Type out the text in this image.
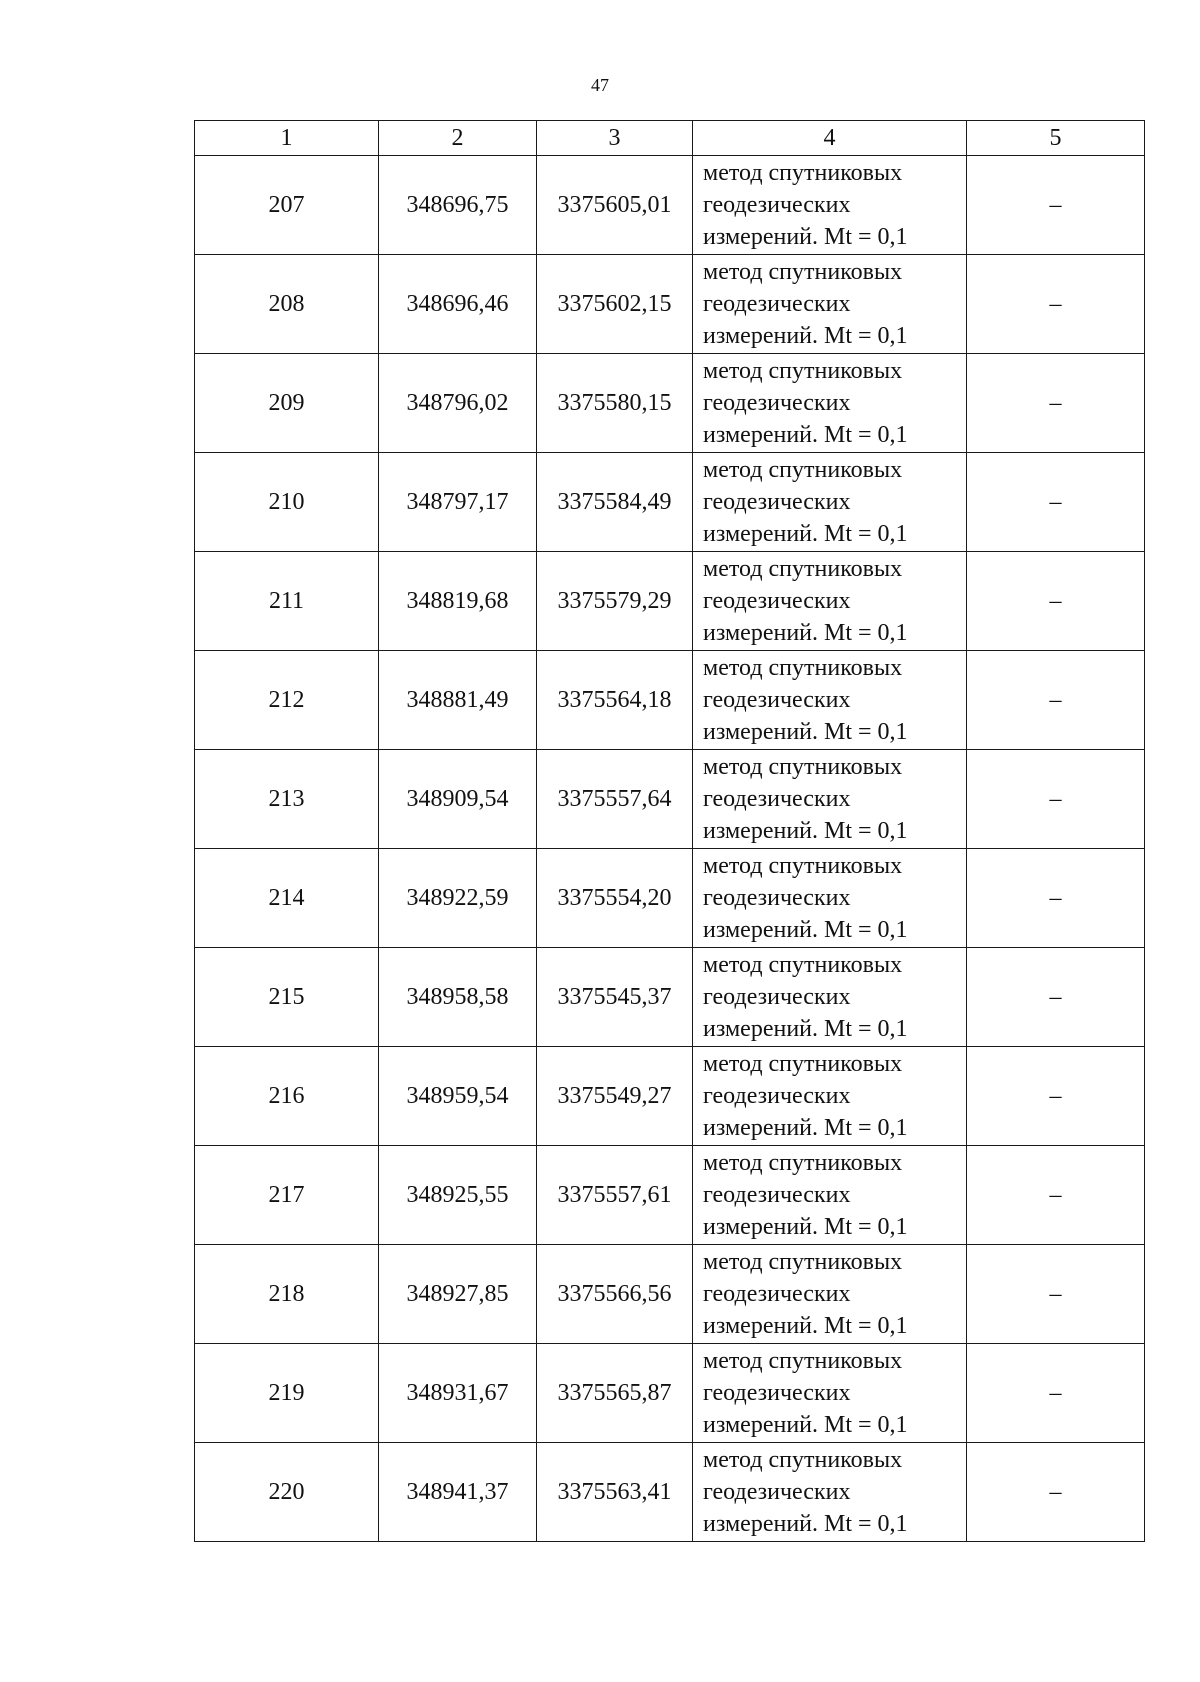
47
1	2	3	4	5
207	348696,75	3375605,01	метод спутниковых
геодезических
измерений. Mt = 0,1	–
208	348696,46	3375602,15	метод спутниковых
геодезических
измерений. Mt = 0,1	–
209	348796,02	3375580,15	метод спутниковых
геодезических
измерений. Mt = 0,1	–
210	348797,17	3375584,49	метод спутниковых
геодезических
измерений. Mt = 0,1	–
211	348819,68	3375579,29	метод спутниковых
геодезических
измерений. Mt = 0,1	–
212	348881,49	3375564,18	метод спутниковых
геодезических
измерений. Mt = 0,1	–
213	348909,54	3375557,64	метод спутниковых
геодезических
измерений. Mt = 0,1	–
214	348922,59	3375554,20	метод спутниковых
геодезических
измерений. Mt = 0,1	–
215	348958,58	3375545,37	метод спутниковых
геодезических
измерений. Mt = 0,1	–
216	348959,54	3375549,27	метод спутниковых
геодезических
измерений. Mt = 0,1	–
217	348925,55	3375557,61	метод спутниковых
геодезических
измерений. Mt = 0,1	–
218	348927,85	3375566,56	метод спутниковых
геодезических
измерений. Mt = 0,1	–
219	348931,67	3375565,87	метод спутниковых
геодезических
измерений. Mt = 0,1	–
220	348941,37	3375563,41	метод спутниковых
геодезических
измерений. Mt = 0,1	–
